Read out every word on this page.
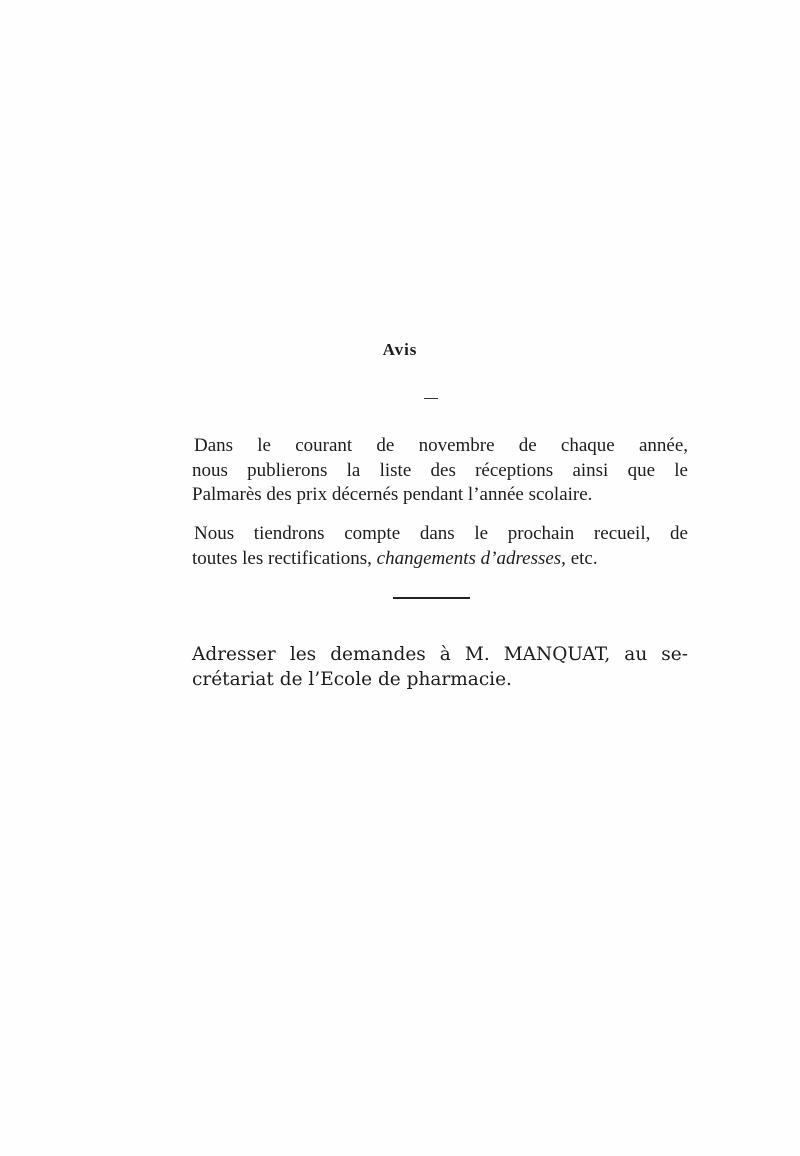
Avis
Dans le courant de novembre de chaque année,
nous publierons la liste des réceptions ainsi que le
Palmarès des prix décernés pendant l’année scolaire.
Nous tiendrons compte dans le prochain recueil, de
toutes les rectifications, changements d’adresses, etc.
Adresser les demandes à M. MANQUAT, au se-
crétariat de l’Ecole de pharmacie.
